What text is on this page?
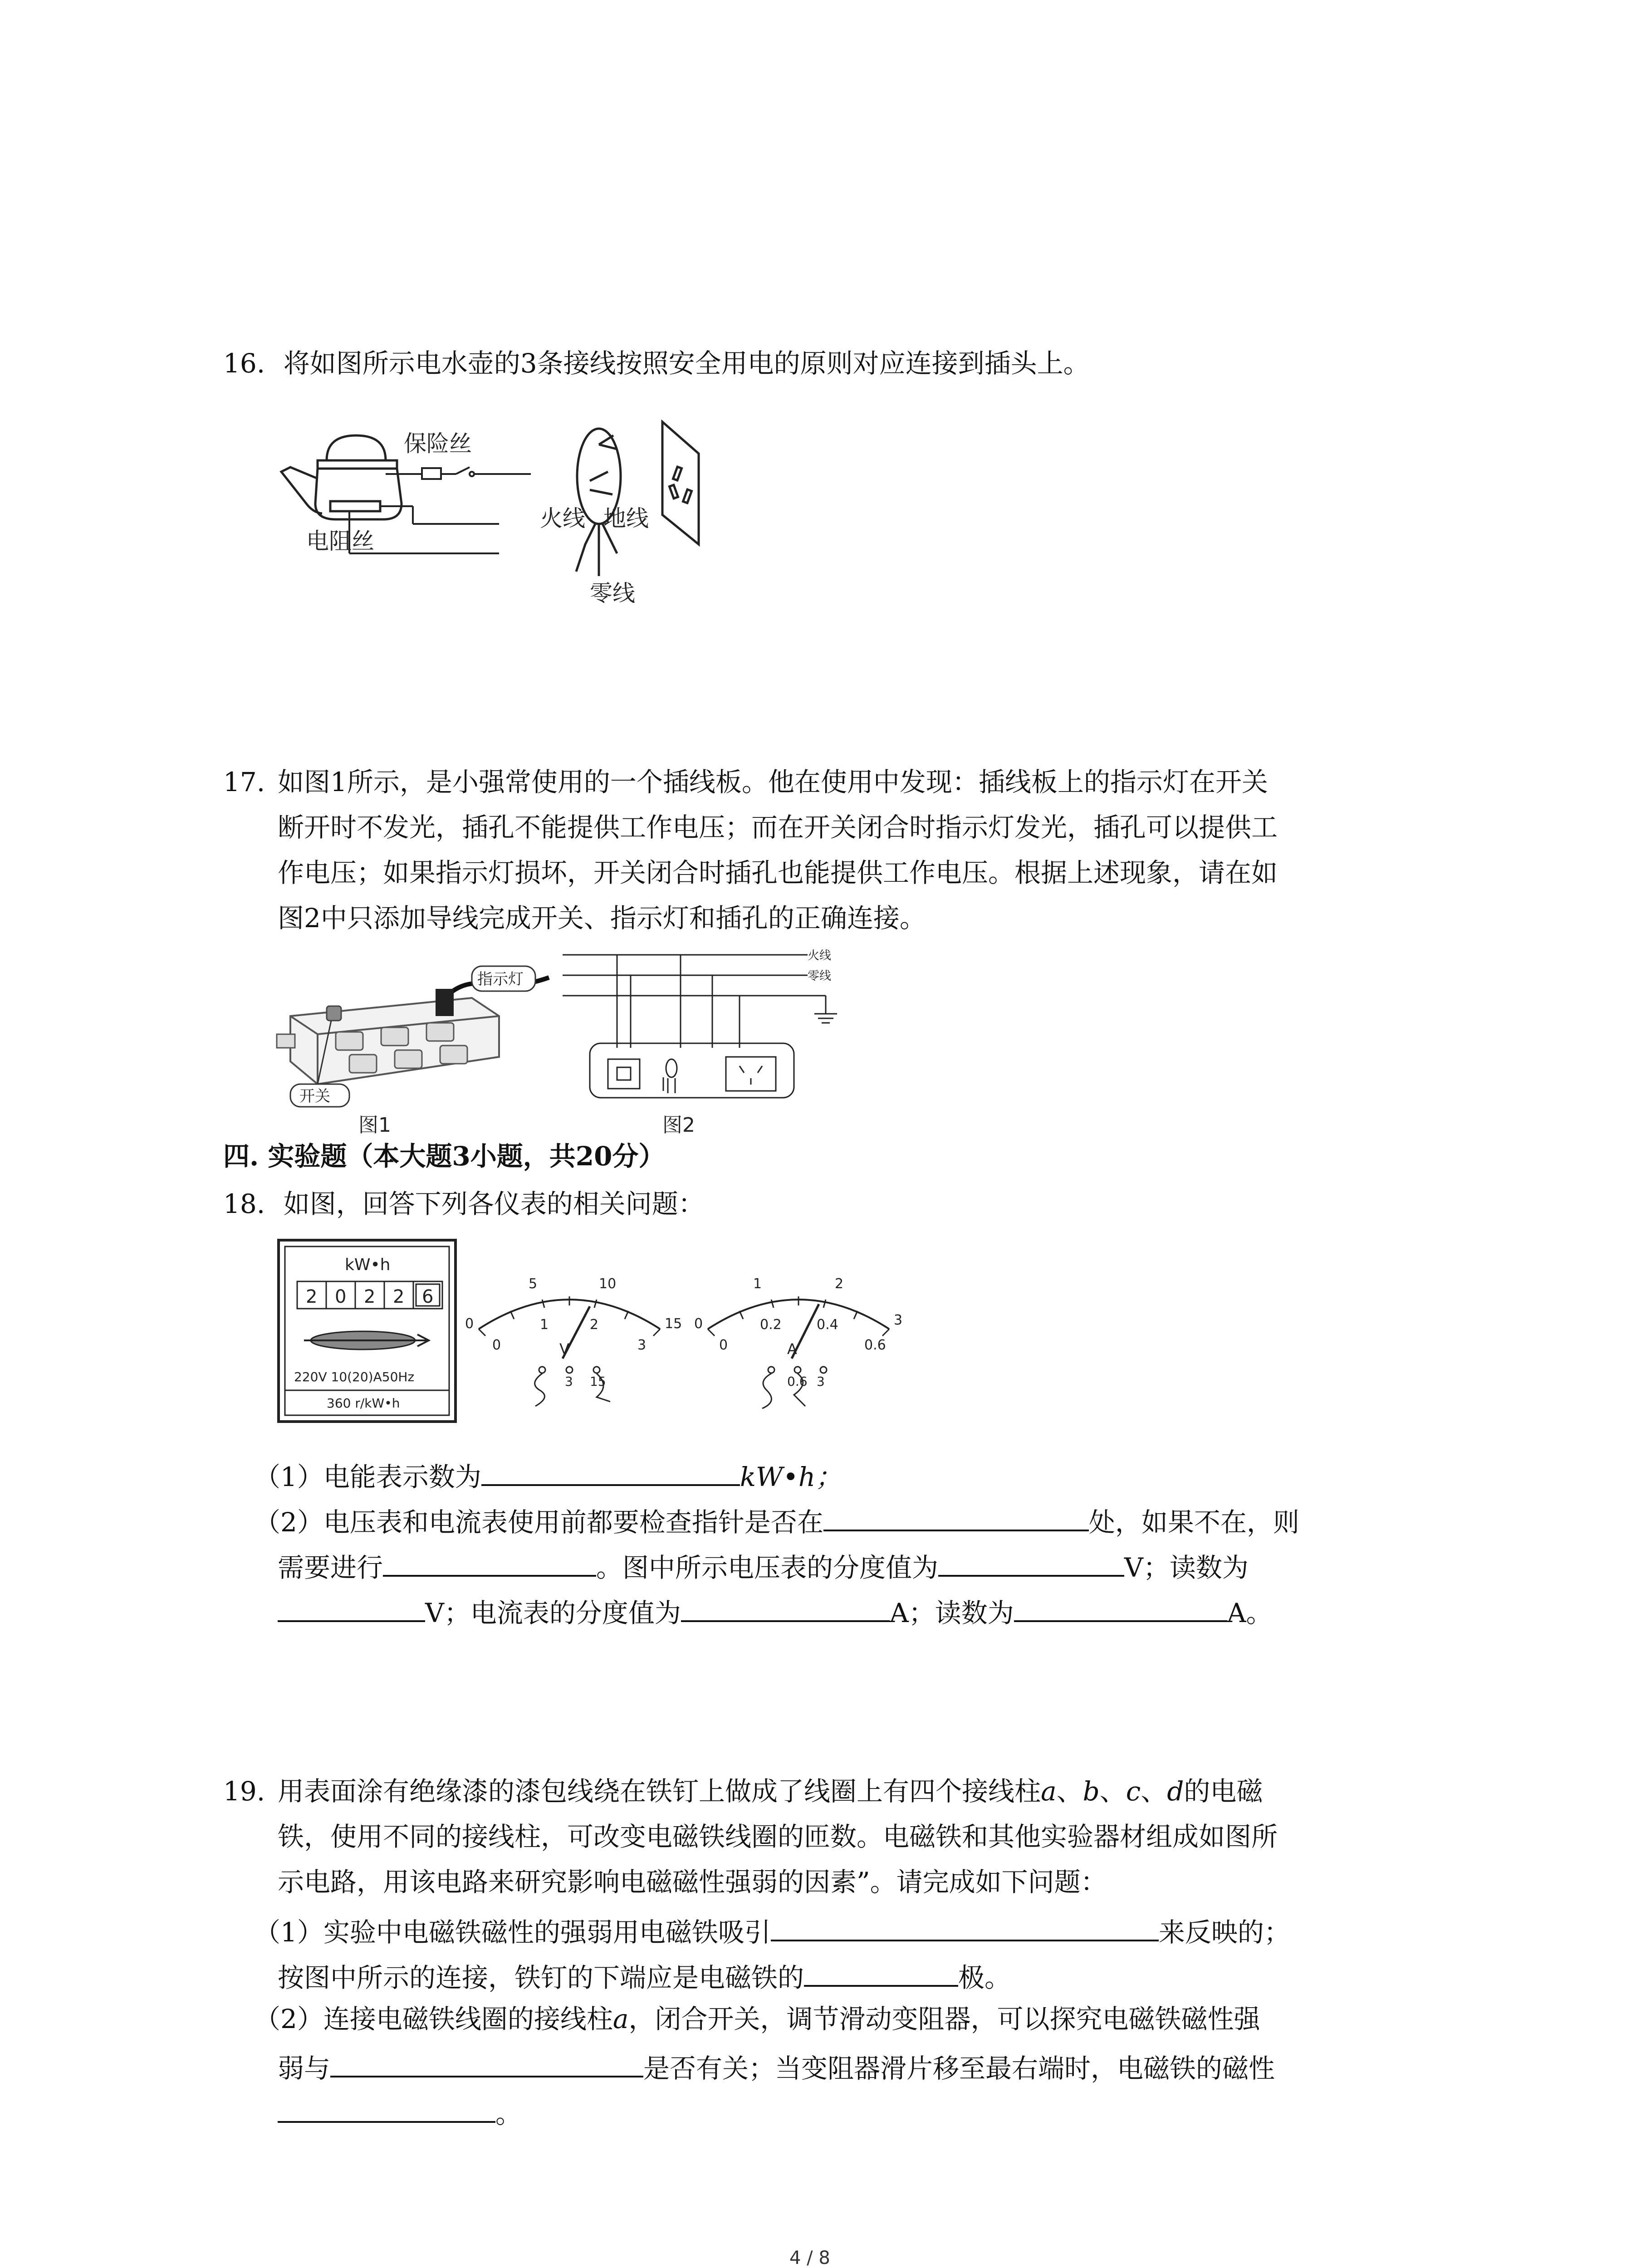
16. 将如图所示电水壶的3条接线按照安全用电的原则对应连接到插头上。
保险丝
电阻丝
火线 地线
零线
17. 如图1所示，是小强常使用的一个插线板。他在使用中发现：插线板上的指示灯在开关
断开时不发光，插孔不能提供工作电压；而在开关闭合时指示灯发光，插孔可以提供工
作电压；如果指示灯损坏，开关闭合时插孔也能提供工作电压。根据上述现象，请在如
图2中只添加导线完成开关、指示灯和插孔的正确连接。
指示灯
开关
图1
火线
零线
图2
四. 实验题（本大题3小题，共20分）
18. 如图，回答下列各仪表的相关问题：
kW•h
2 0 2 2 6
220V 10(20)A50Hz
360 r/kW•h
0
5	10
15
0
1	2
3
V
3 15
0
1	2
3
0
0.2	0.4
0.6
A
0.6 3
（1）电能表示数为	kW•h；
（2）电压表和电流表使用前都要检查指针是否在	处，如果不在，则
需要进行	。图中所示电压表的分度值为	V；读数为
V；电流表的分度值为	A；读数为	A。
19. 用表面涂有绝缘漆的漆包线绕在铁钉上做成了线圈上有四个接线柱a、b、c、d的电磁
铁，使用不同的接线柱，可改变电磁铁线圈的匝数。电磁铁和其他实验器材组成如图所
示电路，用该电路来研究影响电磁磁性强弱的因素”。请完成如下问题：
（1）实验中电磁铁磁性的强弱用电磁铁吸引	来反映的；
按图中所示的连接，铁钉的下端应是电磁铁的	极。
（2）连接电磁铁线圈的接线柱a，闭合开关，调节滑动变阻器，可以探究电磁铁磁性强
弱与	是否有关；当变阻器滑片移至最右端时，电磁铁的磁性
。
4 / 8
